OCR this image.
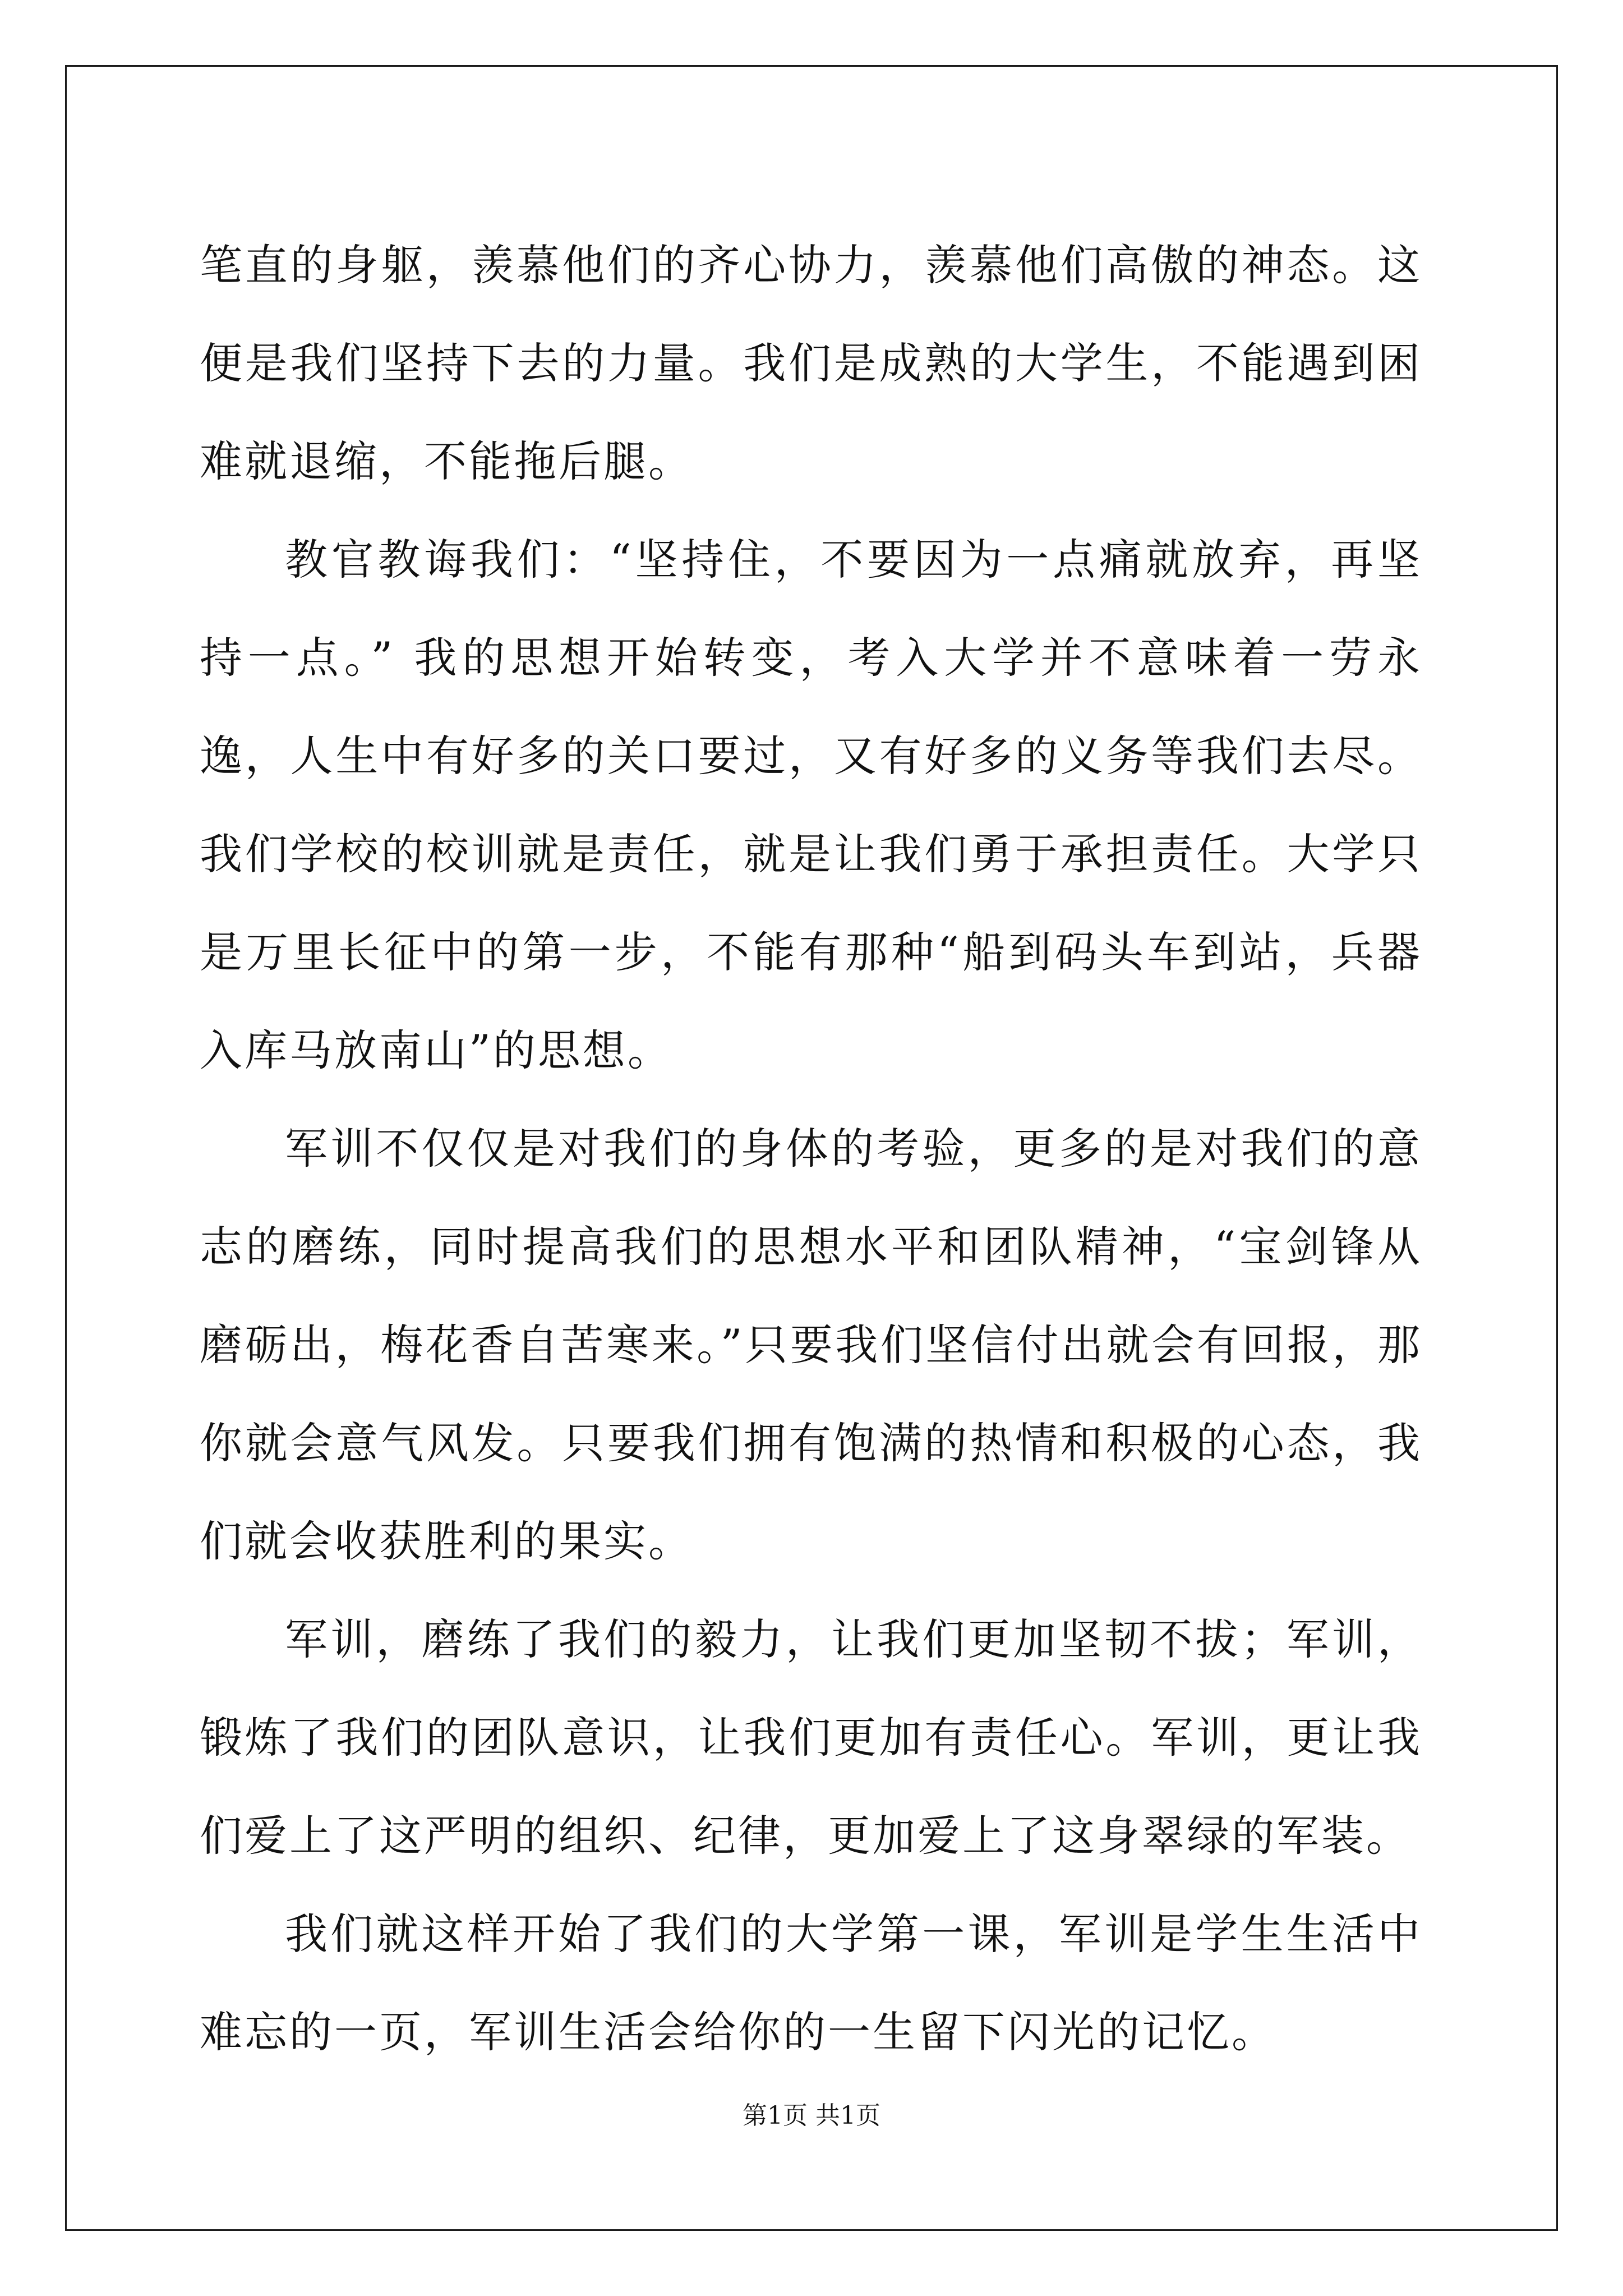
笔直的身躯，羡慕他们的齐心协力，羡慕他们高傲的神态。这便是我们坚持下去的力量。我们是成熟的大学生，不能遇到困难就退缩，不能拖后腿。

教官教诲我们：“坚持住，不要因为一点痛就放弃，再坚持一点。” 我的思想开始转变，考入大学并不意味着一劳永逸，人生中有好多的关口要过，又有好多的义务等我们去尽。我们学校的校训就是责任，就是让我们勇于承担责任。大学只是万里长征中的第一步，不能有那种“船到码头车到站，兵器入库马放南山”的思想。

军训不仅仅是对我们的身体的考验，更多的是对我们的意志的磨练，同时提高我们的思想水平和团队精神，“宝剑锋从磨砺出，梅花香自苦寒来。”只要我们坚信付出就会有回报，那你就会意气风发。只要我们拥有饱满的热情和积极的心态，我们就会收获胜利的果实。

军训，磨练了我们的毅力，让我们更加坚韧不拔；军训，锻炼了我们的团队意识，让我们更加有责任心。军训，更让我们爱上了这严明的组织、纪律，更加爱上了这身翠绿的军装。

我们就这样开始了我们的大学第一课，军训是学生生活中难忘的一页，军训生活会给你的一生留下闪光的记忆。

第1页 共1页
